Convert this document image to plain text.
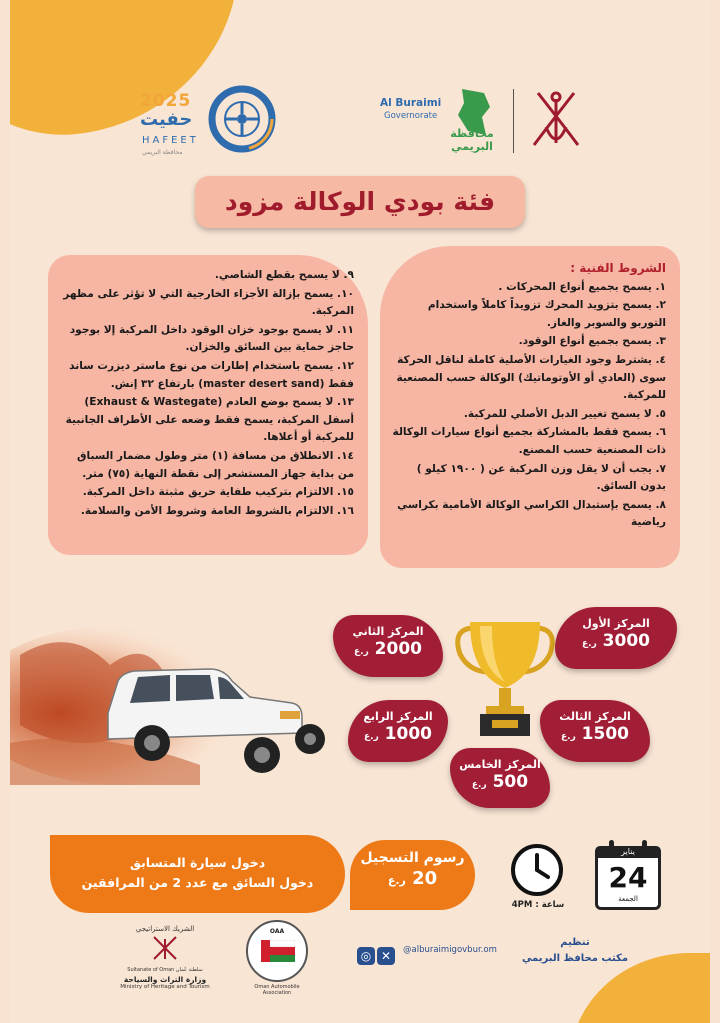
2025
حفيت
HAFEET
محافظة البريمي
Al Buraimi
Governorate
محافظة البريمي
فئة بودي الوكالة مزود

الشروط الفنية :

١. يسمح بجميع أنواع المحركات .

٢. يسمح بتزويد المحرك تزويداً كاملاً واستخدام التوربو والسوبر والغاز.

٣. يسمح بجميع أنواع الوقود.

٤. يشترط وجود الغيارات الأصلية كاملة لناقل الحركة سوى (العادي أو الأوتوماتيك) الوكالة حسب المصنعية للمركبة.

٥. لا يسمح تغيير الدبل الأصلي للمركبة.

٦. يسمح فقط بالمشاركة بجميع أنواع سيارات الوكالة ذات المصنعية حسب المصنع.

٧. يجب أن لا يقل وزن المركبة عن ( ١٩٠٠ كيلو ) بدون السائق.

٨. يسمح بإستبدال الكراسي الوكالة الأمامية بكراسي رياضية

٩. لا يسمح بقطع الشاصي.

١٠. يسمح بإزالة الأجزاء الخارجية التي لا تؤثر على مظهر المركبة.

١١. لا يسمح بوجود خزان الوقود داخل المركبة إلا بوجود حاجز حماية بين السائق والخزان.

١٢. يسمح باستخدام إطارات من نوع ماستر ديزرت ساند فقط (master desert sand) بارتفاع ٣٢ إنش.

١٣. لا يسمح بوضع العادم (Exhaust & Wastegate) أسفل المركبة، يسمح فقط وضعه على الأطراف الجانبية للمركبة أو أعلاها.

١٤. الانطلاق من مسافة (١) متر وطول مضمار السباق من بداية جهاز المستشعر إلى نقطة النهاية (٧٥) متر.

١٥. الالتزام بتركيب طفاية حريق مثبتة داخل المركبة.

١٦. الالتزام بالشروط العامة وشروط الأمن والسلامة.

المركز الأول
3000 ر.ع
المركز الثاني
2000 ر.ع
المركز الثالث
1500 ر.ع
المركز الرابع
1000 ر.ع
المركز الخامس
500 ر.ع
دخول سيارة المتسابق
دخول السائق مع عدد 2 من المرافقين
رسوم التسجيل
20 ر.ع
ساعة : 4PM
يناير
24
الجمعة
الشريك الاستراتيجي
Sultanate of Oman سلطنة عُمان
وزارة التراث والسياحة
Ministry of Heritage and Tourism
OAA
Oman Automobile Association
◎ ✕	@alburaimigovbur.om
تنظيم
مكتب محافظ البريمي
